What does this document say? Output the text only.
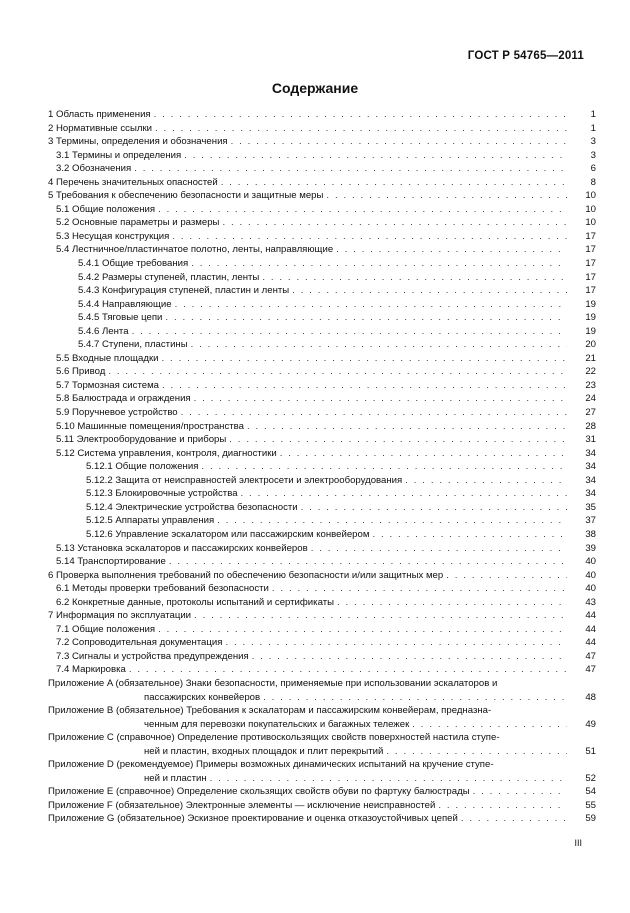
ГОСТ Р 54765—2011
Содержание
1 Область применения . . .	1
2 Нормативные ссылки . . .	1
3 Термины, определения и обозначения . . .	3
3.1 Термины и определения . . .	3
3.2 Обозначения . . .	6
4 Перечень значительных опасностей . . .	8
5 Требования к обеспечению безопасности и защитные меры . . .	10
5.1 Общие положения . . .	10
5.2 Основные параметры и размеры . . .	10
5.3 Несущая конструкция . . .	17
5.4 Лестничное/пластинчатое полотно, ленты, направляющие . . .	17
5.4.1 Общие требования . . .	17
5.4.2 Размеры ступеней, пластин, ленты . . .	17
5.4.3 Конфигурация ступеней, пластин и ленты . . .	17
5.4.4 Направляющие . . .	19
5.4.5 Тяговые цепи . . .	19
5.4.6 Лента . . .	19
5.4.7 Ступени, пластины . . .	20
5.5 Входные площадки . . .	21
5.6 Привод . . .	22
5.7 Тормозная система . . .	23
5.8 Балюстрада и ограждения . . .	24
5.9 Поручневое устройство . . .	27
5.10 Машинные помещения/пространства . . .	28
5.11 Электрооборудование и приборы . . .	31
5.12 Система управления, контроля, диагностики . . .	34
5.12.1 Общие положения . . .	34
5.12.2 Защита от неисправностей электросети и электрооборудования . . .	34
5.12.3 Блокировочные устройства . . .	34
5.12.4 Электрические устройства безопасности . . .	35
5.12.5 Аппараты управления . . .	37
5.12.6 Управление эскалатором или пассажирским конвейером . . .	38
5.13 Установка эскалаторов и пассажирских конвейеров . . .	39
5.14 Транспортирование . . .	40
6 Проверка выполнения требований по обеспечению безопасности и/или защитных мер . . .	40
6.1 Методы проверки требований безопасности . . .	40
6.2 Конкретные данные, протоколы испытаний и сертификаты . . .	43
7 Информация по эксплуатации . . .	44
7.1 Общие положения . . .	44
7.2 Сопроводительная документация . . .	44
7.3 Сигналы и устройства предупреждения . . .	47
7.4 Маркировка . . .	47
Приложение A (обязательное) Знаки безопасности, применяемые при использовании эскалаторов и
пассажирских конвейеров . . .	48
Приложение B (обязательное) Требования к эскалаторам и пассажирским конвейерам, предназна-
ченным для перевозки покупательских и багажных тележек . . .	49
Приложение C (справочное) Определение противоскользящих свойств поверхностей настила ступе-
ней и пластин, входных площадок и плит перекрытий . . .	51
Приложение D (рекомендуемое) Примеры возможных динамических испытаний на кручение ступе-
ней и пластин . . .	52
Приложение E (справочное) Определение скользящих свойств обуви по фартуку балюстрады . . .	54
Приложение F (обязательное) Электронные элементы — исключение неисправностей . . .	55
Приложение G (обязательное) Эскизное проектирование и оценка отказоустойчивых цепей . . .	59
III
